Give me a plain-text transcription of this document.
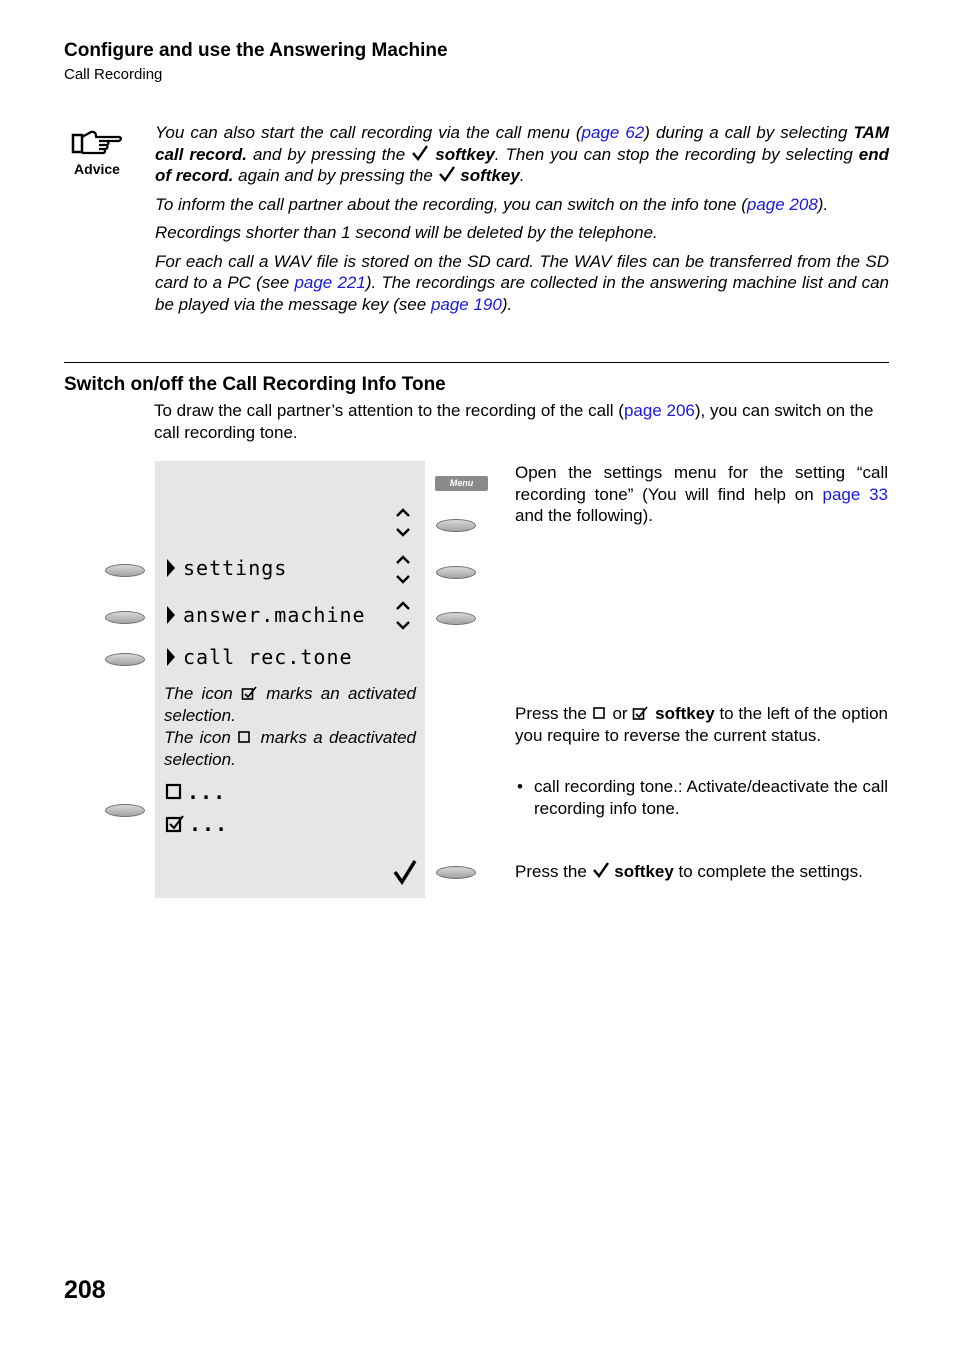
Configure and use the Answering Machine
Call Recording
Advice

You can also start the call recording via the call menu (page 62) during a call by selecting TAM call record. and by pressing the  softkey. Then you can stop the recording by selecting end of record. again and by pressing the  softkey.

To inform the call partner about the recording, you can switch on the info tone (page 208).

Recordings shorter than 1 second will be deleted by the telephone.

For each call a WAV file is stored on the SD card. The WAV files can be transferred from the SD card to a PC (see page 221). The recordings are collected in the answering machine list and can be played via the message key (see page 190).

Switch on/off the Call Recording Info Tone
To draw the call partner’s attention to the recording of the call (page 206), you can switch on the call recording tone.
Menu
settings
answer.machine
call rec.tone

The icon  marks an activated selection.

The icon  marks a deactivated selection.

...
...
Open the settings menu for the setting “call recording tone” (You will find help on page 33 and the following).
Press the  or  softkey to the left of the option you require to reverse the current status.
• call recording tone.: Activate/deactivate the call recording info tone.
Press the  softkey to complete the settings.
208
